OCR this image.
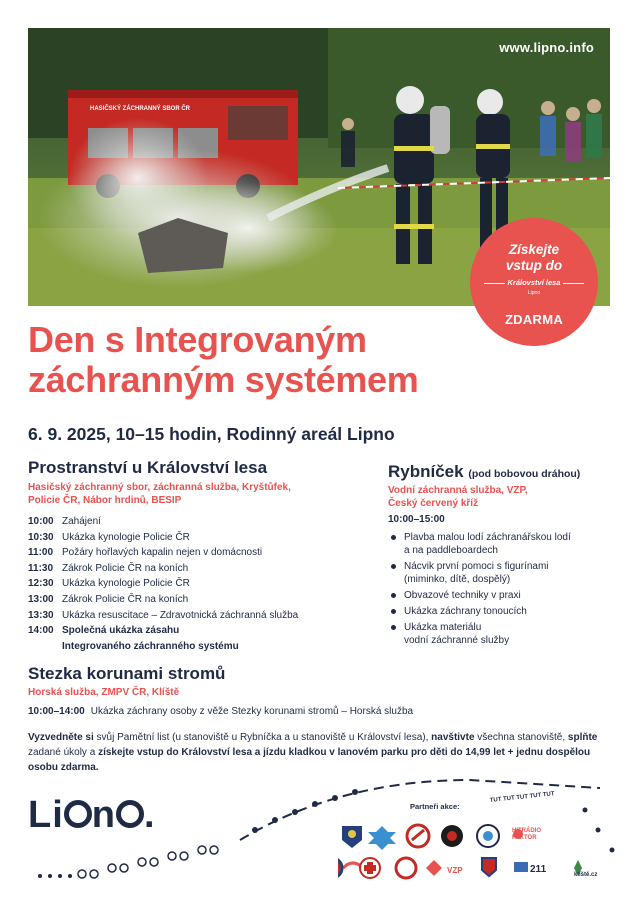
HASIČSKÝ ZÁCHRANNÝ SBOR ČR
www.lipno.info
Získejte
vstup do
Království lesa
Lipno
ZDARMA
Den s Integrovaným
záchranným systémem
6. 9. 2025, 10–15 hodin, Rodinný areál Lipno
Prostranství u Království lesa
Hasičský záchranný sbor, záchranná služba, Kryštůfek,
Policie ČR, Nábor hrdinů, BESIP
10:00 Zahájení
10:30 Ukázka kynologie Policie ČR
11:00 Požáry hořlavých kapalin nejen v domácnosti
11:30 Zákrok Policie ČR na koních
12:30 Ukázka kynologie Policie ČR
13:00 Zákrok Policie ČR na koních
13:30 Ukázka resuscitace – Zdravotnická záchranná služba
14:00 Společná ukázka zásahu
Integrovaného záchranného systému
Rybníček (pod bobovou dráhou)
Vodní záchranná služba, VZP,
Český červený kříž
10:00–15:00
Plavba malou lodí záchranářskou lodí
a na paddleboardech
Nácvik první pomoci s figurínami
(miminko, dítě, dospělý)
Obvazové techniky v praxi
Ukázka záchrany tonoucích
Ukázka materiálu
vodní záchranné služby
Stezka korunami stromů
Horská služba, ZMPV ČR, Klíště
10:00–14:00 Ukázka záchrany osoby z věže Stezky korunami stromů – Horská služba
Vyzvedněte si svůj Pamětní list (u stanoviště u Rybníčka a u stanoviště u Království lesa), navštivte všechna stanoviště, splňte zadané úkoly a získejte vstup do Království lesa a jízdu kladkou v lanovém parku pro děti do 14,99 let + jednu dospělou osobu zdarma.
TUT TUT TUT TUT TUT
Li n .	Partneři akce:
HITRÁDIO FAKTOR
VZP	211	klíště.cz
